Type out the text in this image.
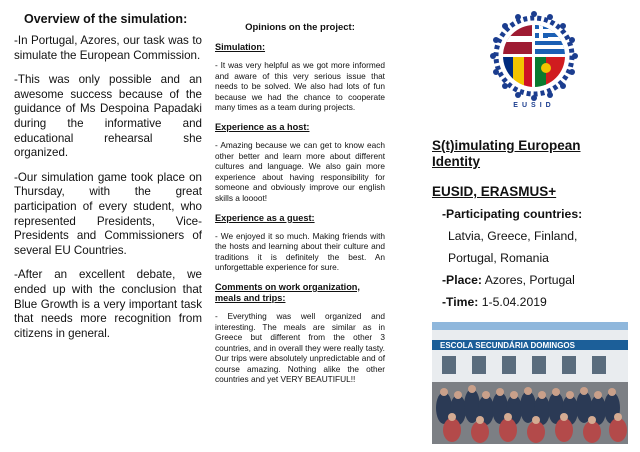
Overview of the simulation:

-In Portugal, Azores, our task was to simulate the European Commission.

-This was only possible and an awesome success because of the guidance of Ms Despoina Papadaki during the informative and educational rehearsal she organized.

-Our simulation game took place on Thursday, with the great participation of every student, who represented Presidents, Vice-Presidents and Commissioners of several EU Countries.

-After an excellent debate, we ended up with the conclusion that Blue Growth is a very important task that needs more recognition from citizens in general.

Opinions on the project:
Simulation:

- It was very helpful as we got more informed and aware of this very serious issue that needs to be solved. We also had lots of fun because we had the chance to cooperate many times as a team during projects.

Experience as a host:

- Amazing because we can get to know each other better and learn more about different cultures and language. We also gain more experience about having responsibility for someone and obviously improve our english skills a loooot!

Experience as a guest:

- We enjoyed it so much. Making friends with the hosts and learning about their culture and traditions it is definitely the best. An unforgettable experience for sure.

Comments on work organization, meals and trips:

- Everything was well organized and interesting. The meals are similar as in Greece but different from the other 3 countries, and in overall they were really tasty. Our trips were absolutely unpredictable and of course amazing. Nothing alike the other countries and yet VERY BEAUTIFUL!!

EUSID
S(t)imulating European Identity
EUSID, ERASMUS+
-Participating countries:
Latvia, Greece, Finland,
Portugal, Romania
-Place: Azores, Portugal
-Time: 1-5.04.2019
ESCOLA SECUNDÁRIA DOMINGOS
